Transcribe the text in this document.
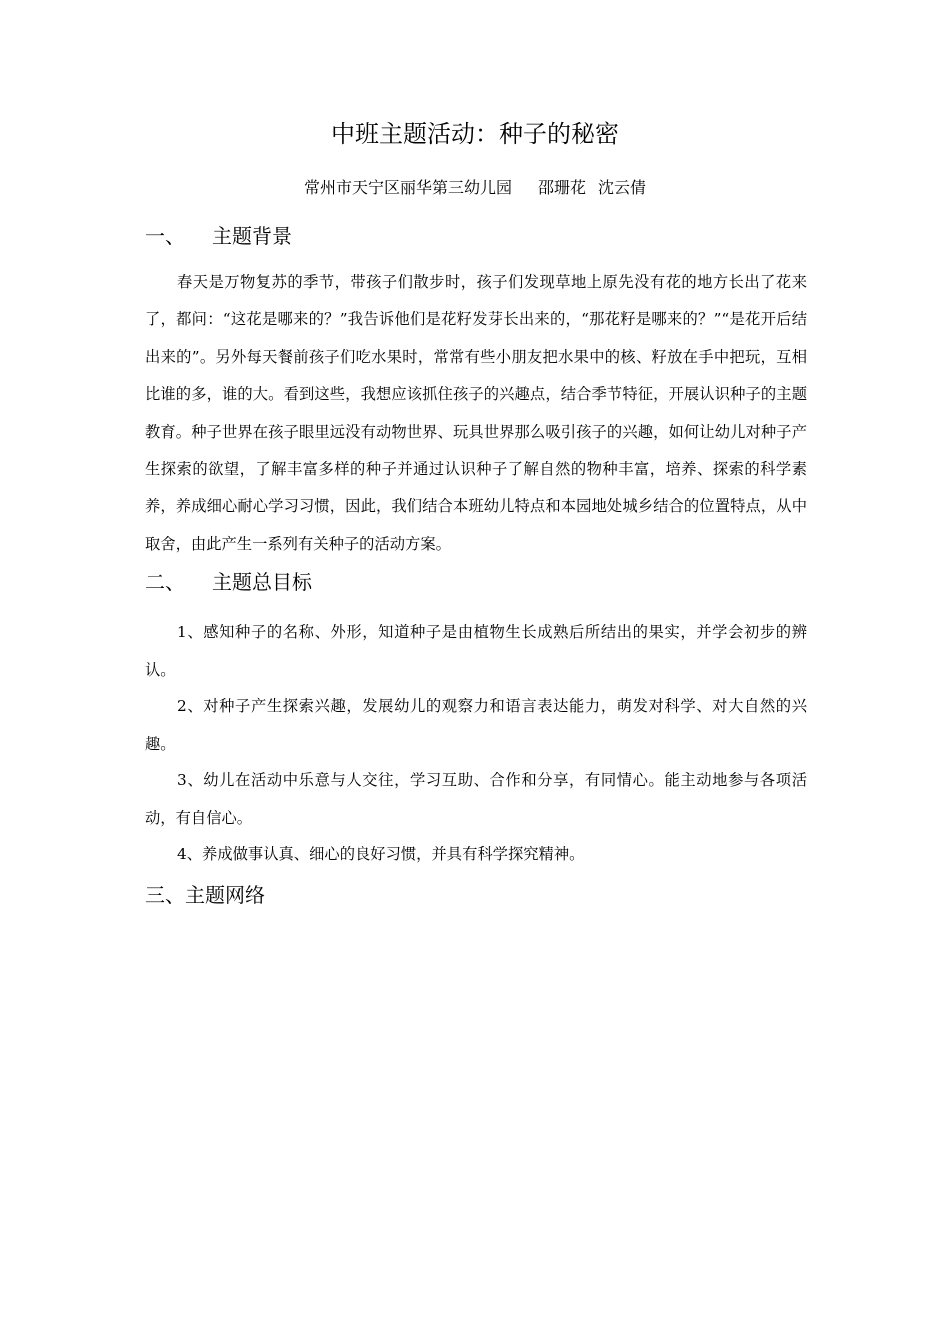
中班主题活动：种子的秘密
常州市天宁区丽华第三幼儿园 邵珊花 沈云倩
一、 主题背景

春天是万物复苏的季节，带孩子们散步时，孩子们发现草地上原先没有花的地方长出了花来了，都问：“这花是哪来的？”我告诉他们是花籽发芽长出来的，“那花籽是哪来的？”“是花开后结出来的”。另外每天餐前孩子们吃水果时，常常有些小朋友把水果中的核、籽放在手中把玩，互相比谁的多，谁的大。看到这些，我想应该抓住孩子的兴趣点，结合季节特征，开展认识种子的主题教育。种子世界在孩子眼里远没有动物世界、玩具世界那么吸引孩子的兴趣，如何让幼儿对种子产生探索的欲望，了解丰富多样的种子并通过认识种子了解自然的物种丰富，培养、探索的科学素养，养成细心耐心学习习惯，因此，我们结合本班幼儿特点和本园地处城乡结合的位置特点，从中取舍，由此产生一系列有关种子的活动方案。

二、 主题总目标

1、感知种子的名称、外形，知道种子是由植物生长成熟后所结出的果实，并学会初步的辨认。

2、对种子产生探索兴趣，发展幼儿的观察力和语言表达能力，萌发对科学、对大自然的兴趣。

3、幼儿在活动中乐意与人交往，学习互助、合作和分享，有同情心。能主动地参与各项活动，有自信心。

4、养成做事认真、细心的良好习惯，并具有科学探究精神。

三、主题网络
